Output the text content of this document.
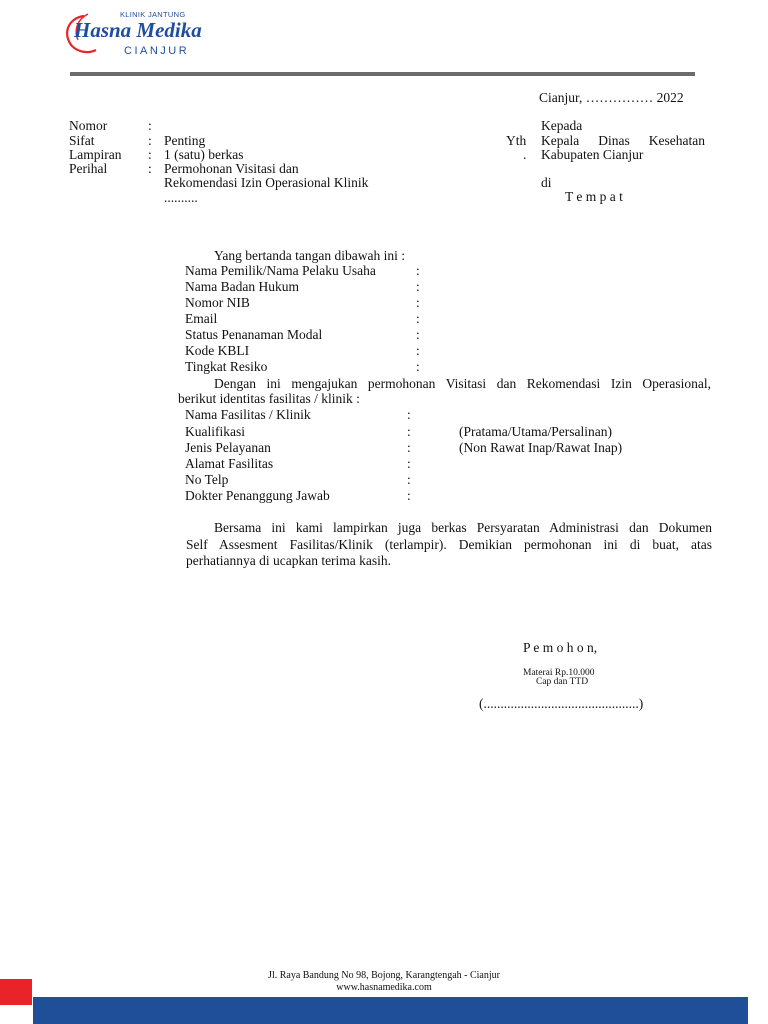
KLINIK JANTUNG
Hasna Medika
CIANJUR
Cianjur, …………… 2022
Nomor	:
Sifat	: Penting
Lampiran : 1 (satu) berkas
Perihal	: Permohonan Visitasi dan
Rekomendasi Izin Operasional Klinik
..........
Kepada
Yth Kepala Dinas Kesehatan
. Kabupaten Cianjur
di
T e m p a t
Yang bertanda tangan dibawah ini :
Nama Pemilik/Nama Pelaku Usaha	:
Nama Badan Hukum	:
Nomor NIB	:
Email	:
Status Penanaman Modal	:
Kode KBLI	:
Tingkat Resiko	:
Dengan ini mengajukan permohonan Visitasi dan Rekomendasi Izin Operasional,
berikut identitas fasilitas / klinik :
Nama Fasilitas / Klinik	:
Kualifikasi	:	(Pratama/Utama/Persalinan)
Jenis Pelayanan	:	(Non Rawat Inap/Rawat Inap)
Alamat Fasilitas	:
No Telp	:
Dokter Penanggung Jawab	:
Bersama ini kami lampirkan juga berkas Persyaratan Administrasi dan Dokumen
Self Assesment Fasilitas/Klinik (terlampir). Demikian permohonan ini di buat, atas
perhatiannya di ucapkan terima kasih.
P e m o h o n,
Materai Rp.10.000
Cap dan TTD
(..............................................)
Jl. Raya Bandung No 98, Bojong, Karangtengah - Cianjur
www.hasnamedika.com
